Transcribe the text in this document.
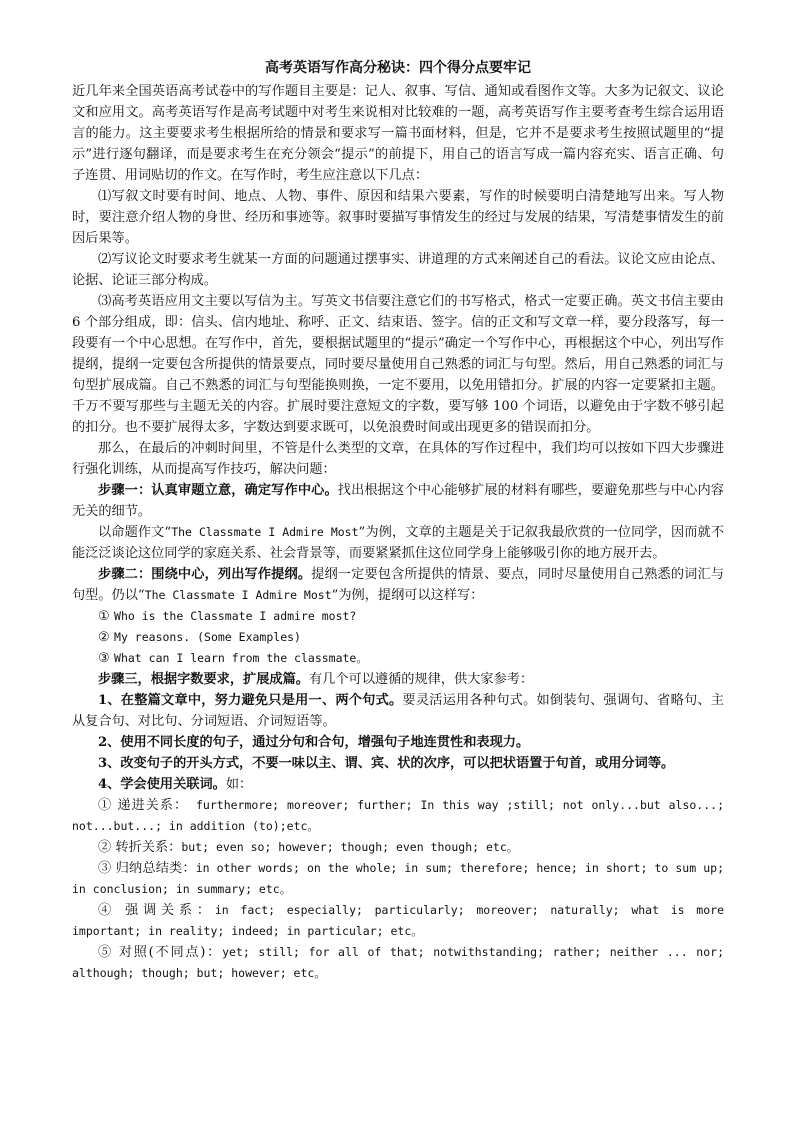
高考英语写作高分秘诀：四个得分点要牢记

近几年来全国英语高考试卷中的写作题目主要是：记人、叙事、写信、通知或看图作文等。大多为记叙文、议论文和应用文。高考英语写作是高考试题中对考生来说相对比较难的一题，高考英语写作主要考查考生综合运用语言的能力。这主要要求考生根据所给的情景和要求写一篇书面材料，但是，它并不是要求考生按照试题里的“提示”进行逐句翻译，而是要求考生在充分领会“提示”的前提下，用自己的语言写成一篇内容充实、语言正确、句子连贯、用词贴切的作文。在写作时，考生应注意以下几点：

⑴写叙文时要有时间、地点、人物、事件、原因和结果六要素，写作的时候要明白清楚地写出来。写人物时，要注意介绍人物的身世、经历和事迹等。叙事时要描写事情发生的经过与发展的结果，写清楚事情发生的前因后果等。

⑵写议论文时要求考生就某一方面的问题通过摆事实、讲道理的方式来阐述自己的看法。议论文应由论点、论据、论证三部分构成。

⑶高考英语应用文主要以写信为主。写英文书信要注意它们的书写格式，格式一定要正确。英文书信主要由 6 个部分组成，即：信头、信内地址、称呼、正文、结束语、签字。信的正文和写文章一样，要分段落写，每一段要有一个中心思想。在写作中，首先，要根据试题里的“提示”确定一个写作中心，再根据这个中心，列出写作提纲，提纲一定要包含所提供的情景要点，同时要尽量使用自己熟悉的词汇与句型。然后，用自己熟悉的词汇与句型扩展成篇。自己不熟悉的词汇与句型能换则换，一定不要用，以免用错扣分。扩展的内容一定要紧扣主题。千万不要写那些与主题无关的内容。扩展时要注意短文的字数，要写够 100 个词语，以避免由于字数不够引起的扣分。也不要扩展得太多，字数达到要求既可，以免浪费时间或出现更多的错误而扣分。

那么，在最后的冲刺时间里，不管是什么类型的文章，在具体的写作过程中，我们均可以按如下四大步骤进行强化训练，从而提高写作技巧，解决问题：

步骤一：认真审题立意，确定写作中心。找出根据这个中心能够扩展的材料有哪些，要避免那些与中心内容无关的细节。

以命题作文“The Classmate I Admire Most”为例，文章的主题是关于记叙我最欣赏的一位同学，因而就不能泛泛谈论这位同学的家庭关系、社会背景等，而要紧紧抓住这位同学身上能够吸引你的地方展开去。

步骤二：围绕中心，列出写作提纲。提纲一定要包含所提供的情景、要点，同时尽量使用自己熟悉的词汇与句型。仍以“The Classmate I Admire Most”为例，提纲可以这样写：

① Who is the Classmate I admire most?

② My reasons. (Some Examples)

③ What can I learn from the classmate。

步骤三，根据字数要求，扩展成篇。有几个可以遵循的规律，供大家参考：

1、在整篇文章中，努力避免只是用一、两个句式。要灵活运用各种句式。如倒装句、强调句、省略句、主从复合句、对比句、分词短语、介词短语等。

2、使用不同长度的句子，通过分句和合句，增强句子地连贯性和表现力。

3、改变句子的开头方式，不要一味以主、谓、宾、状的次序，可以把状语置于句首，或用分词等。

4、学会使用关联词。如：

① 递进关系： furthermore; moreover; further; In this way ;still; not only...but also...; not...but...; in addition (to);etc。

② 转折关系：but; even so; however; though; even though; etc。

③ 归纳总结类：in other words; on the whole; in sum; therefore; hence; in short; to sum up; in conclusion; in summary; etc。

④ 强调关系：in fact; especially; particularly; moreover; naturally; what is more important; in reality; indeed; in particular; etc。

⑤ 对照(不同点)：yet; still; for all of that; notwithstanding; rather; neither ... nor; although; though; but; however; etc。
